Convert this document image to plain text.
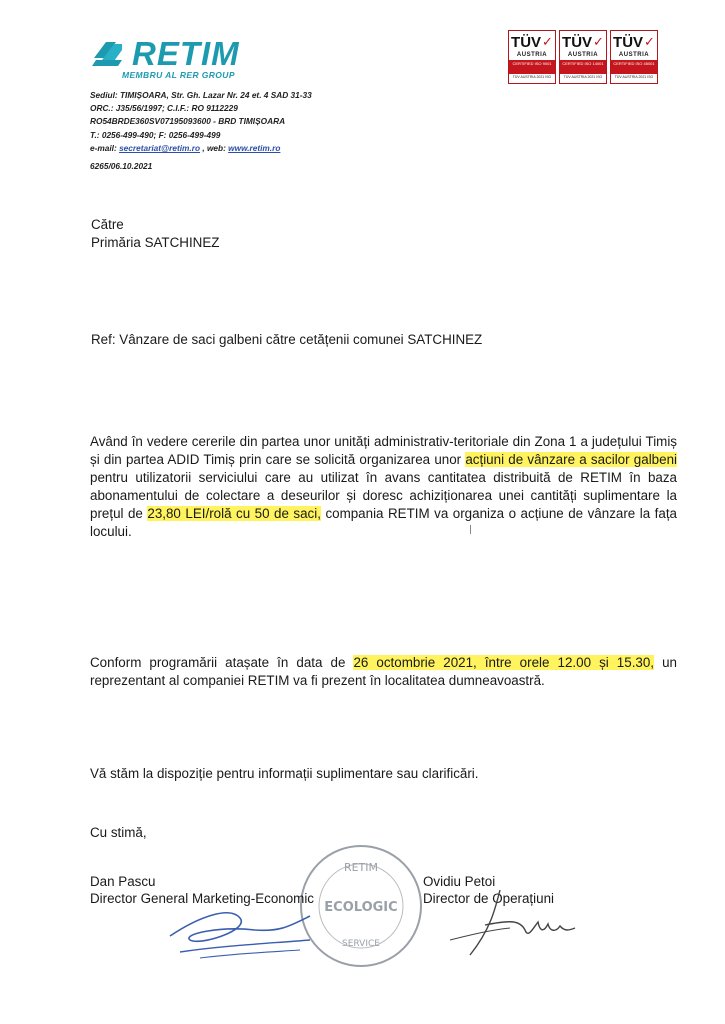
RETIM
MEMBRU AL RER GROUP
TÜV ✓
AUSTRIA
CERTIFIED ISO 9001
TÜV AUSTRIA 2021 ISO
TÜV ✓
AUSTRIA
CERTIFIED ISO 14001
TÜV AUSTRIA 2021 ISO
TÜV ✓
AUSTRIA
CERTIFIED ISO 45001
TÜV AUSTRIA 2021 ISO
Sediul: TIMIȘOARA, Str. Gh. Lazar Nr. 24 et. 4 SAD 31-33
ORC.: J35/56/1997; C.I.F.: RO 9112229
RO54BRDE360SV07195093600 - BRD TIMIȘOARA
T.: 0256-499-490; F: 0256-499-499
e-mail: secretariat@retim.ro , web: www.retim.ro
6265/06.10.2021
Către
Primăria SATCHINEZ
Ref: Vânzare de saci galbeni către cetățenii comunei SATCHINEZ
Având în vedere cererile din partea unor unități administrativ-teritoriale din Zona 1 a județului Timiș și din partea ADID Timiș prin care se solicită organizarea unor acțiuni de vânzare a sacilor galbeni pentru utilizatorii serviciului care au utilizat în avans cantitatea distribuită de RETIM în baza abonamentului de colectare a deseurilor și doresc achiziționarea unei cantități suplimentare la prețul de 23,80 LEI/rolă cu 50 de saci, compania RETIM va organiza o acțiune de vânzare la fața locului.
Conform programării atașate în data de 26 octombrie 2021, între orele 12.00 și 15.30, un reprezentant al companiei RETIM va fi prezent în localitatea dumneavoastră.
Vă stăm la dispoziție pentru informații suplimentare sau clarificări.
Cu stimă,
RETIM
ECOLOGIC
SERVICE
Dan Pascu
Director General Marketing-Economic
Ovidiu Petoi
Director de Operațiuni
